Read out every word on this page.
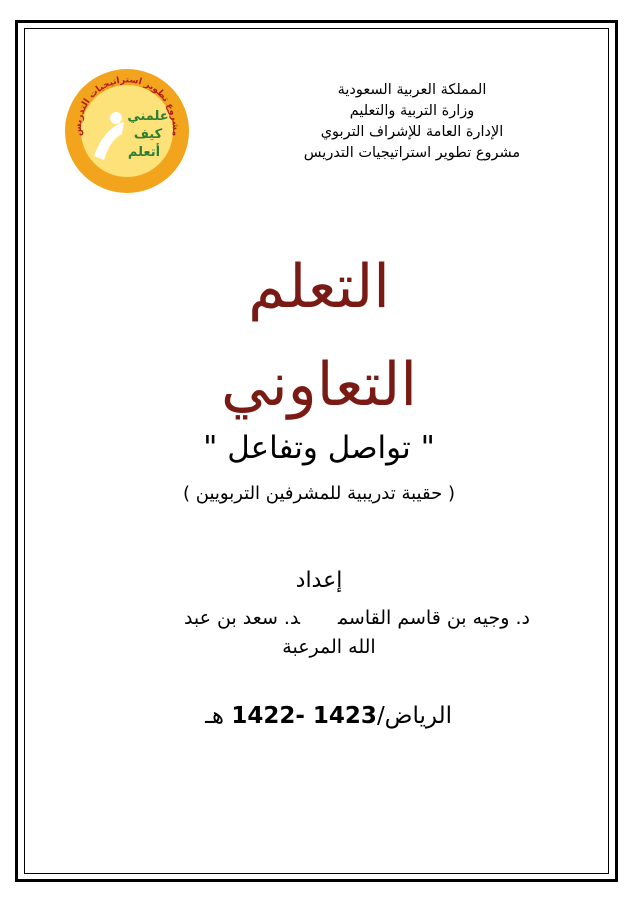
المملكة العربية السعودية
وزارة التربية والتعليم
الإدارة العامة للإشراف التربوي
مشروع تطوير استراتيجيات التدريس
مشروع تطوير استراتيجيات التدريس
علمني
كيف
أتعلم
التعلم
التعاوني
" تواصل وتفاعل "
( حقيبة تدريبية للمشرفين التربويين )
إعداد
د. وجيه بن قاسم القاسمد. سعد بن عبد
الله المرعبة
الرياض/1422- 1423 هـ
